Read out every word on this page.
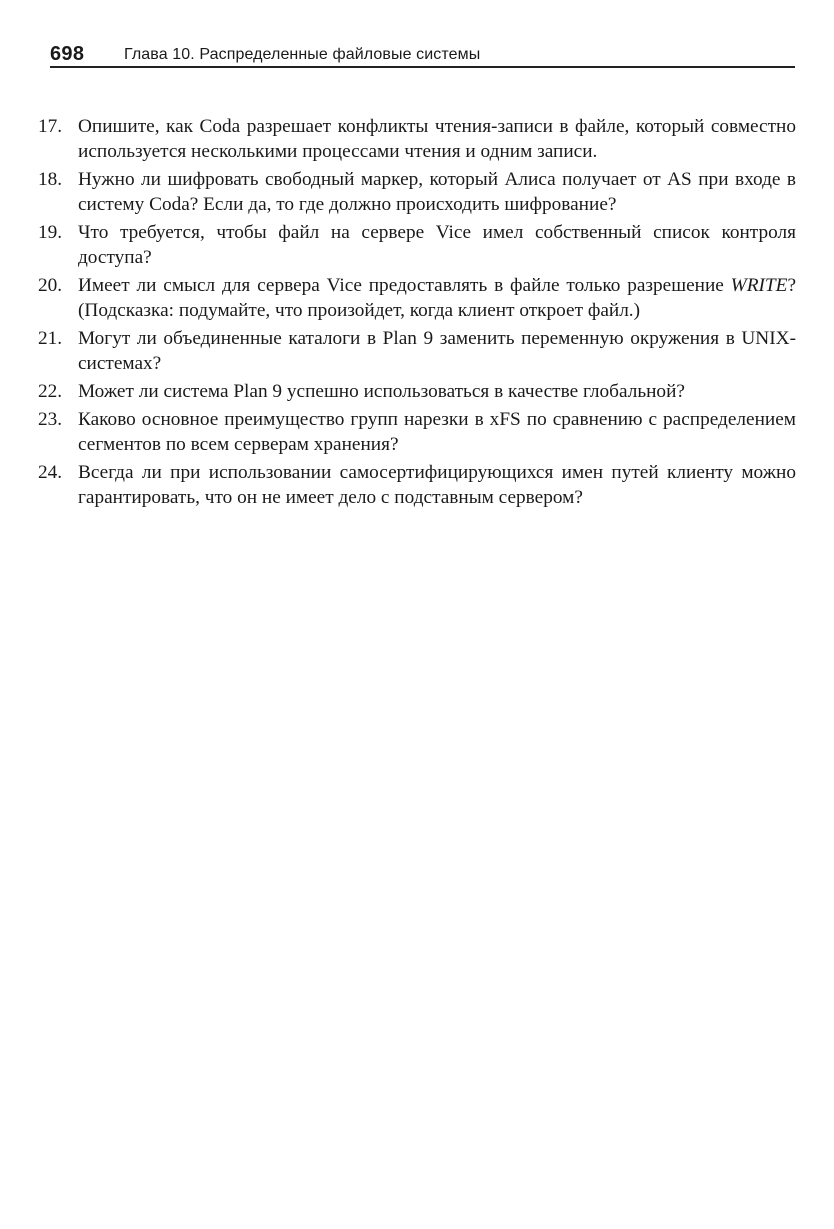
698	Глава 10. Распределенные файловые системы
17. Опишите, как Coda разрешает конфликты чтения-записи в файле, который совместно используется несколькими процессами чтения и одним записи.
18. Нужно ли шифровать свободный маркер, который Алиса получает от AS при входе в систему Coda? Если да, то где должно происходить шифрование?
19. Что требуется, чтобы файл на сервере Vice имел собственный список контроля доступа?
20. Имеет ли смысл для сервера Vice предоставлять в файле только разрешение WRITE? (Подсказка: подумайте, что произойдет, когда клиент откроет файл.)
21. Могут ли объединенные каталоги в Plan 9 заменить переменную окружения в UNIX-системах?
22. Может ли система Plan 9 успешно использоваться в качестве глобальной?
23. Каково основное преимущество групп нарезки в xFS по сравнению с распределением сегментов по всем серверам хранения?
24. Всегда ли при использовании самосертифицирующихся имен путей клиенту можно гарантировать, что он не имеет дело с подставным сервером?
